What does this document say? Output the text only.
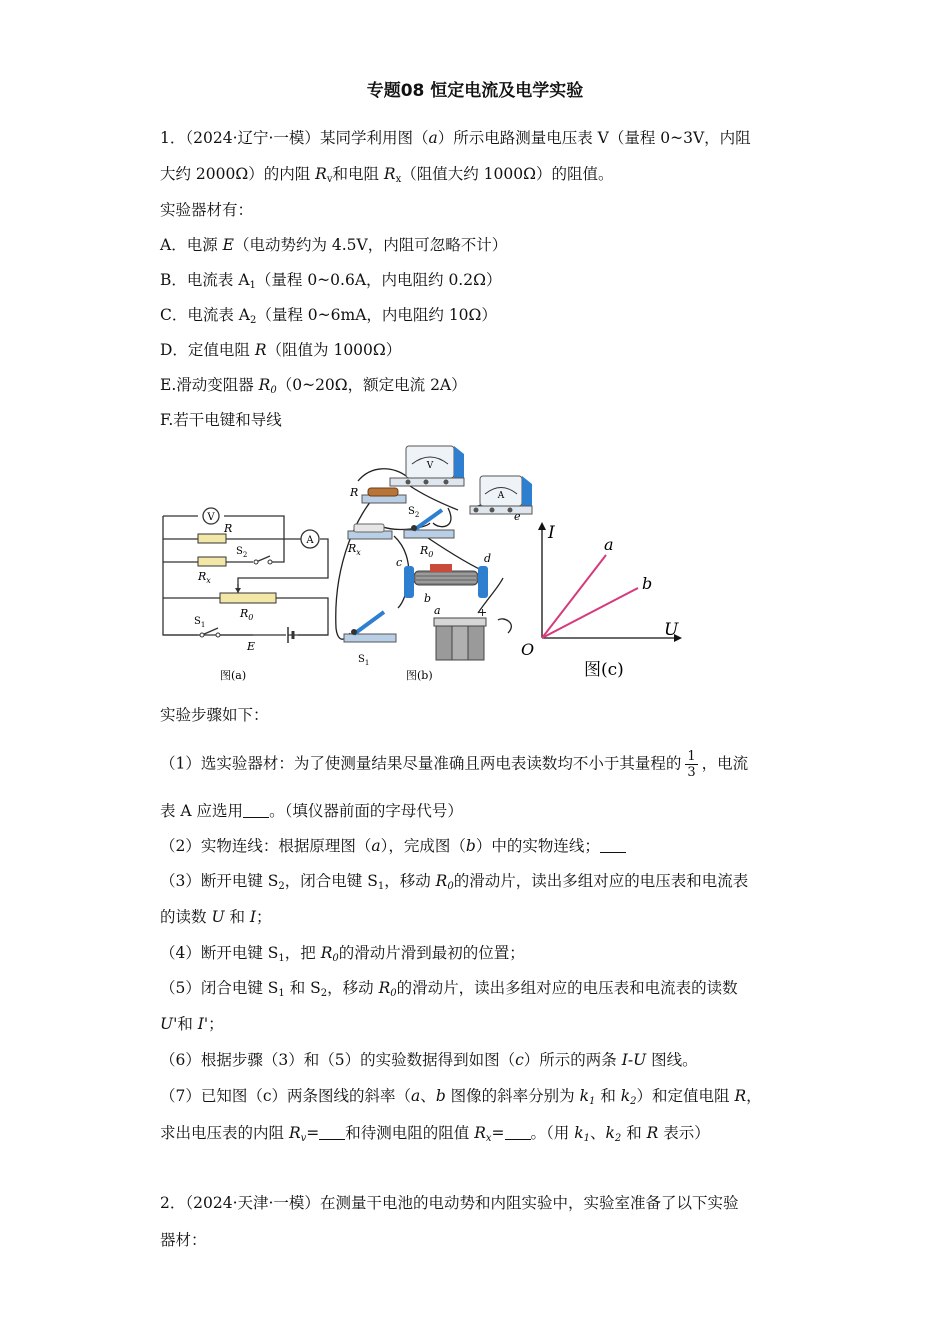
专题08 恒定电流及电学实验
1．（2024·辽宁·一模）某同学利用图（a）所示电路测量电压表 V（量程 0~3V，内阻
大约 2000Ω）的内阻 $R_v$和电阻 $R_x$（阻值大约 1000Ω）的阻值。
实验器材有：
A．电源 E（电动势约为 4.5V，内阻可忽略不计）
B．电流表 $A_1$（量程 0~0.6A，内电阻约 0.2Ω）
C．电流表 $A_2$（量程 0~6mA，内电阻约 10Ω）
D．定值电阻 R（阻值为 1000Ω）
E.滑动变阻器 $R_0(0\sim 20\Omega$，额定电流 2A）
F.若干电键和导线
V
R
$R_x$
$S_2$
A
$R_0$
$S_1$
E
图(a)
V
A
e
R
$R_x$
$S_2$
$R_0$
c	d
b
$S_1$
a	+
图(b)
I
U
O
a
b
图(c)
实验步骤如下：
（1）选实验器材：为了使测量结果尽量准确且两电表读数均不小于其量程的 $\frac{1}{3}$ ，电流
表 A 应选用 。（填仪器前面的字母代号）
（2）实物连线：根据原理图（a），完成图（b）中的实物连线；
（3）断开电键 $S_2$，闭合电键 $S_1$，移动 $R_0$的滑动片，读出多组对应的电压表和电流表
的读数 U 和 I；
（4）断开电键 $S_1$，把 $R_0$的滑动片滑到最初的位置；
（5）闭合电键 $S_1$ 和 $S_2$，移动 $R_0$的滑动片，读出多组对应的电压表和电流表的读数
U'和 I'；
（6）根据步骤（3）和（5）的实验数据得到如图（c）所示的两条 I-U 图线。
（7）已知图（c）两条图线的斜率（a、b 图像的斜率分别为 $k_1$ 和 $k_2$）和定值电阻 R，
求出电压表的内阻 $R_v=$ 和待测电阻的阻值 $R_x=$ 。（用 $k_1$、$k_2$ 和 R 表示）
2．（2024·天津·一模）在测量干电池的电动势和内阻实验中，实验室准备了以下实验
器材：
